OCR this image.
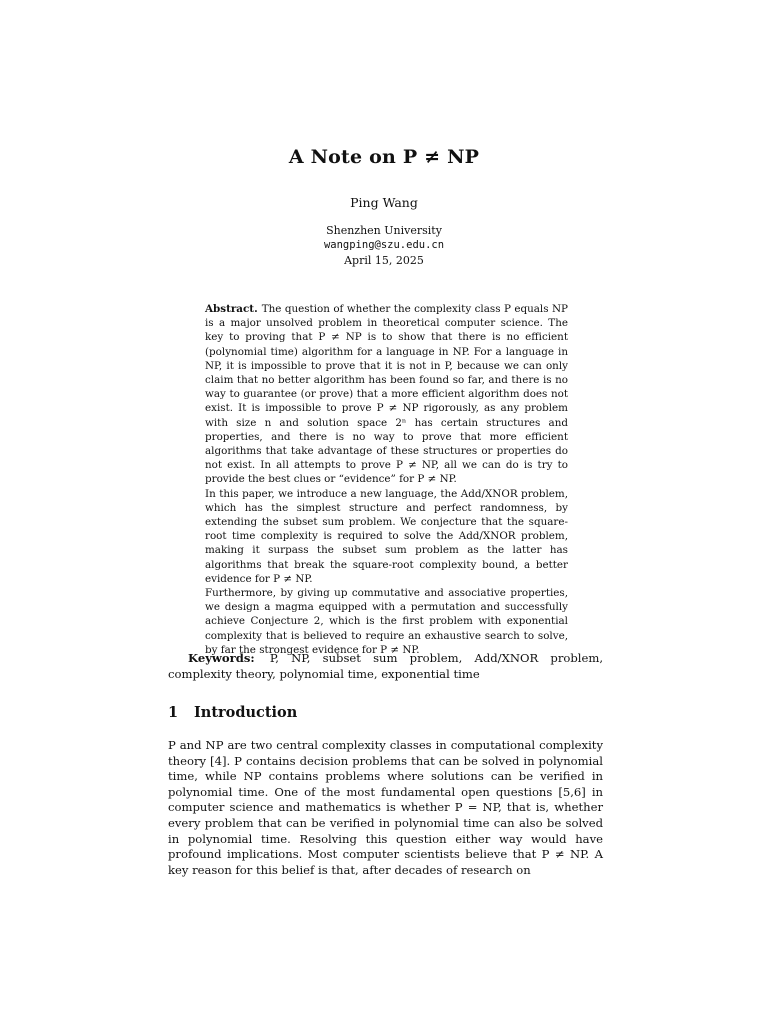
A Note on P ≠ NP
Ping Wang
Shenzhen University
wangping@szu.edu.cn
April 15, 2025

Abstract. The question of whether the complexity class P equals NP is a major unsolved problem in theoretical computer science. The key to proving that P ≠ NP is to show that there is no efficient (polynomial time) algorithm for a language in NP. For a language in NP, it is impossible to prove that it is not in P, because we can only claim that no better algorithm has been found so far, and there is no way to guarantee (or prove) that a more efficient algorithm does not exist. It is impossible to prove P ≠ NP rigorously, as any problem with size n and solution space 2ⁿ has certain structures and properties, and there is no way to prove that more efficient algorithms that take advantage of these structures or properties do not exist. In all attempts to prove P ≠ NP, all we can do is try to provide the best clues or “evidence” for P ≠ NP.

In this paper, we introduce a new language, the Add/XNOR problem, which has the simplest structure and perfect randomness, by extending the subset sum problem. We conjecture that the square-root time complexity is required to solve the Add/XNOR problem, making it surpass the subset sum problem as the latter has algorithms that break the square-root complexity bound, a better evidence for P ≠ NP.

Furthermore, by giving up commutative and associative properties, we design a magma equipped with a permutation and successfully achieve Conjecture 2, which is the first problem with exponential complexity that is believed to require an exhaustive search to solve, by far the strongest evidence for P ≠ NP.

Keywords: P, NP, subset sum problem, Add/XNOR problem, complexity theory, polynomial time, exponential time
1 Introduction

P and NP are two central complexity classes in computational complexity theory [4]. P contains decision problems that can be solved in polynomial time, while NP contains problems where solutions can be verified in polynomial time. One of the most fundamental open questions [5,6] in computer science and mathematics is whether P = NP, that is, whether every problem that can be verified in polynomial time can also be solved in polynomial time. Resolving this question either way would have profound implications. Most computer scientists believe that P ≠ NP. A key reason for this belief is that, after decades of research on
